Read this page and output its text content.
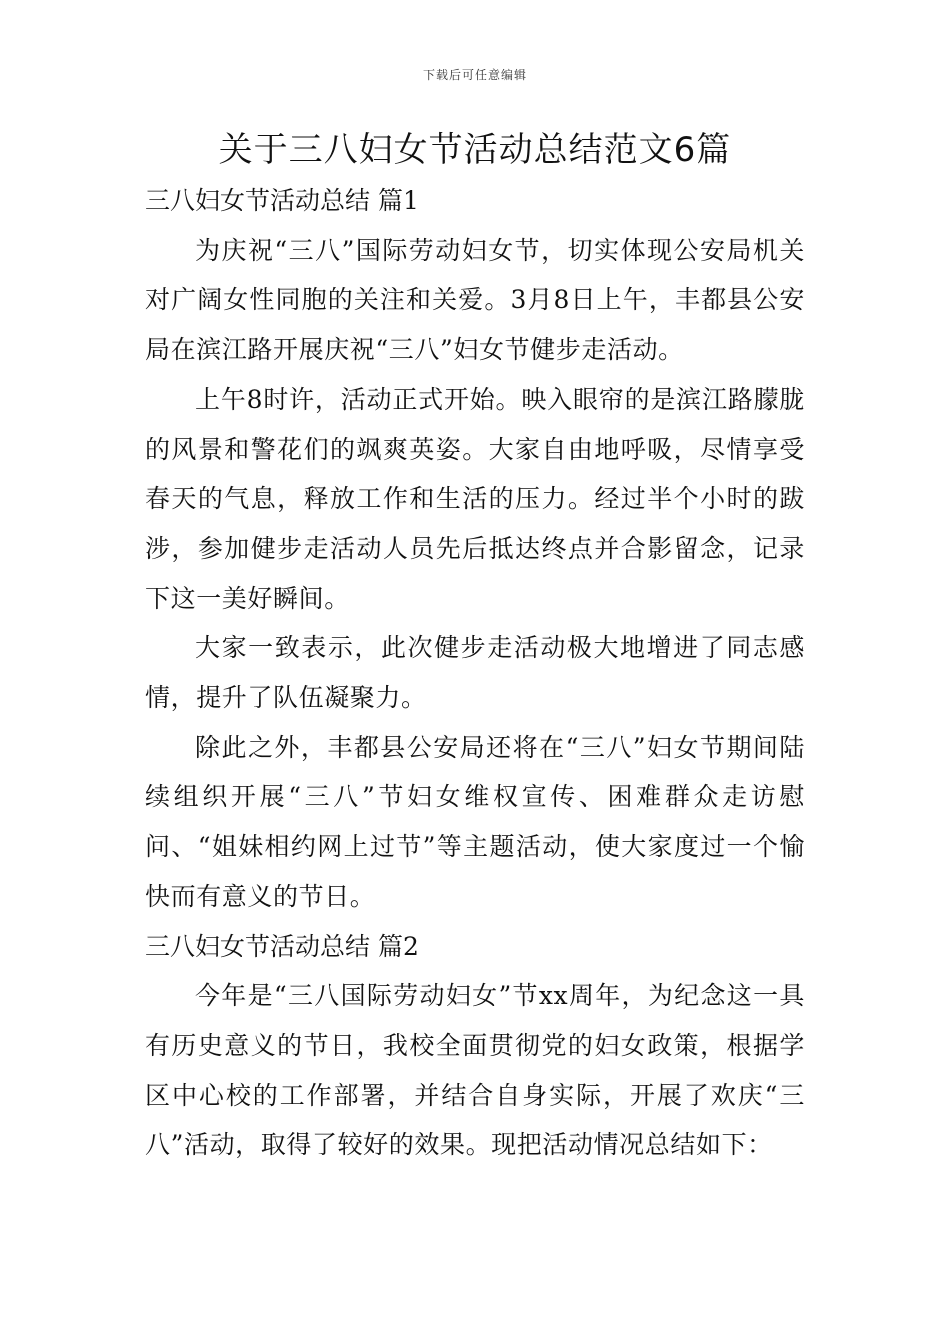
下载后可任意编辑
关于三八妇女节活动总结范文6篇
三八妇女节活动总结 篇1

为庆祝“三八”国际劳动妇女节，切实体现公安局机关对广阔女性同胞的关注和关爱。3月8日上午，丰都县公安局在滨江路开展庆祝“三八”妇女节健步走活动。

上午8时许，活动正式开始。映入眼帘的是滨江路朦胧的风景和警花们的飒爽英姿。大家自由地呼吸，尽情享受春天的气息，释放工作和生活的压力。经过半个小时的跋涉，参加健步走活动人员先后抵达终点并合影留念，记录下这一美好瞬间。

大家一致表示，此次健步走活动极大地增进了同志感情，提升了队伍凝聚力。

除此之外，丰都县公安局还将在“三八”妇女节期间陆续组织开展“三八”节妇女维权宣传、困难群众走访慰问、“姐妹相约网上过节”等主题活动，使大家度过一个愉快而有意义的节日。

三八妇女节活动总结 篇2

今年是“三八国际劳动妇女”节xx周年，为纪念这一具有历史意义的节日，我校全面贯彻党的妇女政策，根据学区中心校的工作部署，并结合自身实际，开展了欢庆“三八”活动，取得了较好的效果。现把活动情况总结如下：
